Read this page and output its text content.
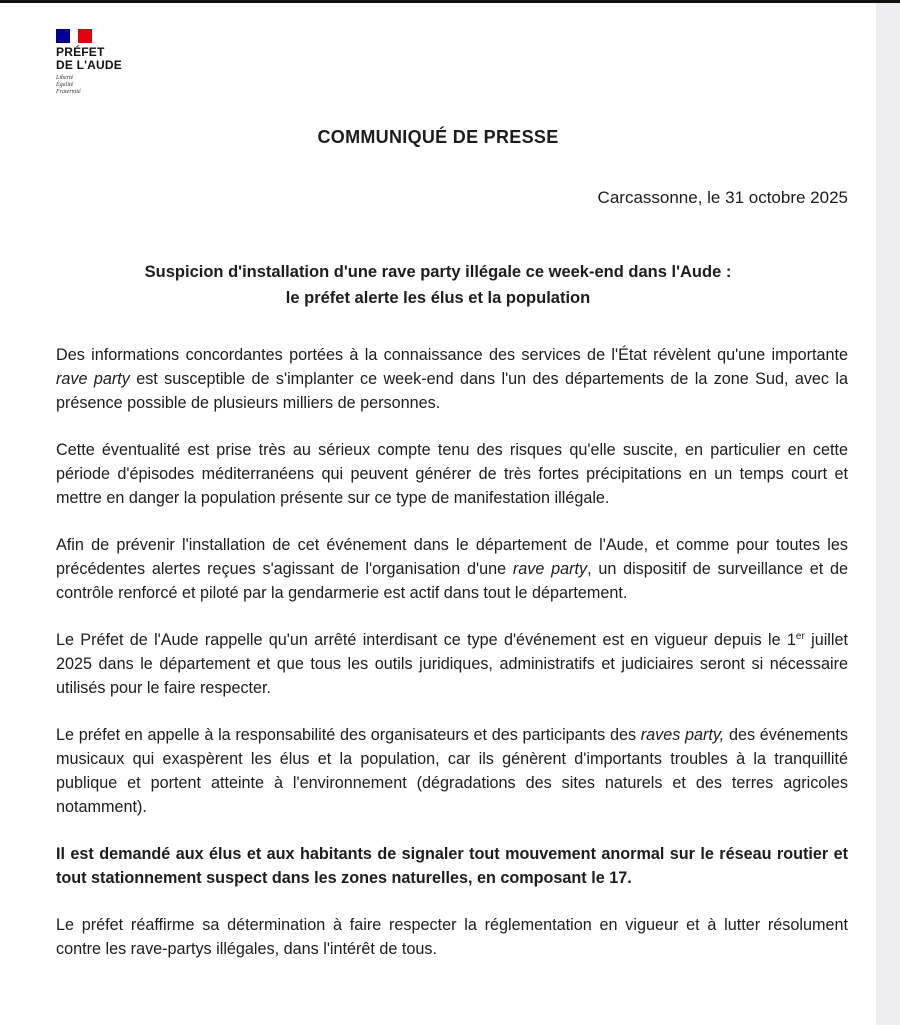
PRÉFET
DE L'AUDE
Liberté
Égalité
Fraternité
COMMUNIQUÉ DE PRESSE
Carcassonne, le 31 octobre 2025
Suspicion d'installation d'une rave party illégale ce week-end dans l'Aude :
le préfet alerte les élus et la population

Des informations concordantes portées à la connaissance des services de l'État révèlent qu'une importante rave party est susceptible de s'implanter ce week-end dans l'un des départements de la zone Sud, avec la présence possible de plusieurs milliers de personnes.

Cette éventualité est prise très au sérieux compte tenu des risques qu'elle suscite, en particulier en cette période d'épisodes méditerranéens qui peuvent générer de très fortes précipitations en un temps court et mettre en danger la population présente sur ce type de manifestation illégale.

Afin de prévenir l'installation de cet événement dans le département de l'Aude, et comme pour toutes les précédentes alertes reçues s'agissant de l'organisation d'une rave party, un dispositif de surveillance et de contrôle renforcé et piloté par la gendarmerie est actif dans tout le département.

Le Préfet de l'Aude rappelle qu'un arrêté interdisant ce type d'événement est en vigueur depuis le 1er juillet 2025 dans le département et que tous les outils juridiques, administratifs et judiciaires seront si nécessaire utilisés pour le faire respecter.

Le préfet en appelle à la responsabilité des organisateurs et des participants des raves party, des événements musicaux qui exaspèrent les élus et la population, car ils génèrent d'importants troubles à la tranquillité publique et portent atteinte à l'environnement (dégradations des sites naturels et des terres agricoles notamment).

Il est demandé aux élus et aux habitants de signaler tout mouvement anormal sur le réseau routier et tout stationnement suspect dans les zones naturelles, en composant le 17.

Le préfet réaffirme sa détermination à faire respecter la réglementation en vigueur et à lutter résolument contre les rave-partys illégales, dans l'intérêt de tous.
